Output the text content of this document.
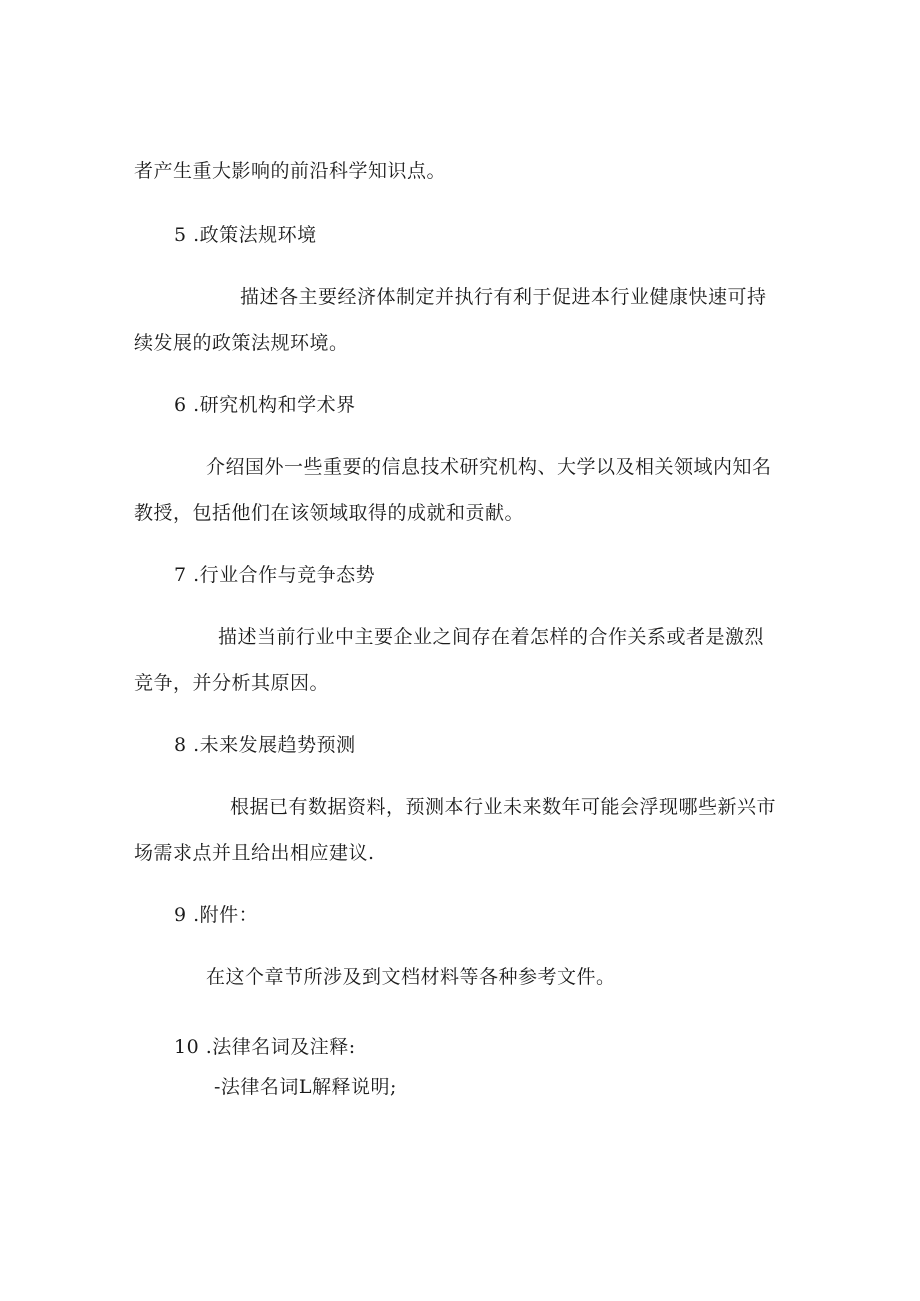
者产生重大影响的前沿科学知识点。
5 .政策法规环境
描述各主要经济体制定并执行有利于促进本行业健康快速可持
续发展的政策法规环境。
6 .研究机构和学术界
介绍国外一些重要的信息技术研究机构、大学以及相关领域内知名
教授，包括他们在该领域取得的成就和贡献。
7 .行业合作与竞争态势
描述当前行业中主要企业之间存在着怎样的合作关系或者是激烈
竞争，并分析其原因。
8 .未来发展趋势预测
根据已有数据资料，预测本行业未来数年可能会浮现哪些新兴市
场需求点并且给出相应建议.
9 .附件：
在这个章节所涉及到文档材料等各种参考文件。
10 .法律名词及注释:
-法律名词L解释说明;
